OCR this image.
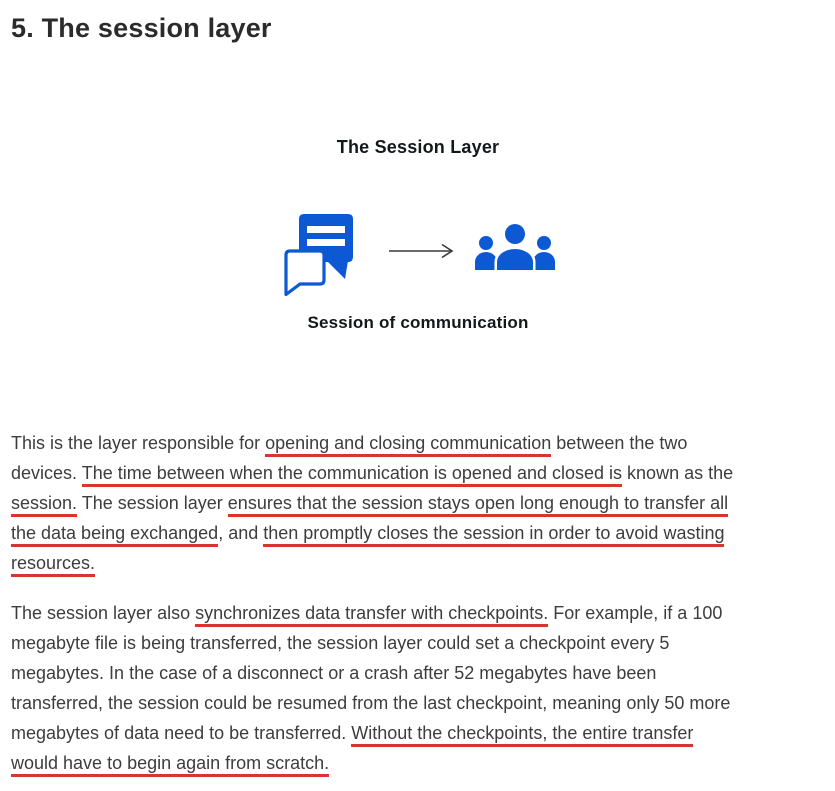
5. The session layer
The Session Layer
Session of communication
This is the layer responsible for opening and closing communication between the two
devices. The time between when the communication is opened and closed is known as the
session. The session layer ensures that the session stays open long enough to transfer all
the data being exchanged, and then promptly closes the session in order to avoid wasting
resources.
The session layer also synchronizes data transfer with checkpoints. For example, if a 100
megabyte file is being transferred, the session layer could set a checkpoint every 5
megabytes. In the case of a disconnect or a crash after 52 megabytes have been
transferred, the session could be resumed from the last checkpoint, meaning only 50 more
megabytes of data need to be transferred. Without the checkpoints, the entire transfer
would have to begin again from scratch.
